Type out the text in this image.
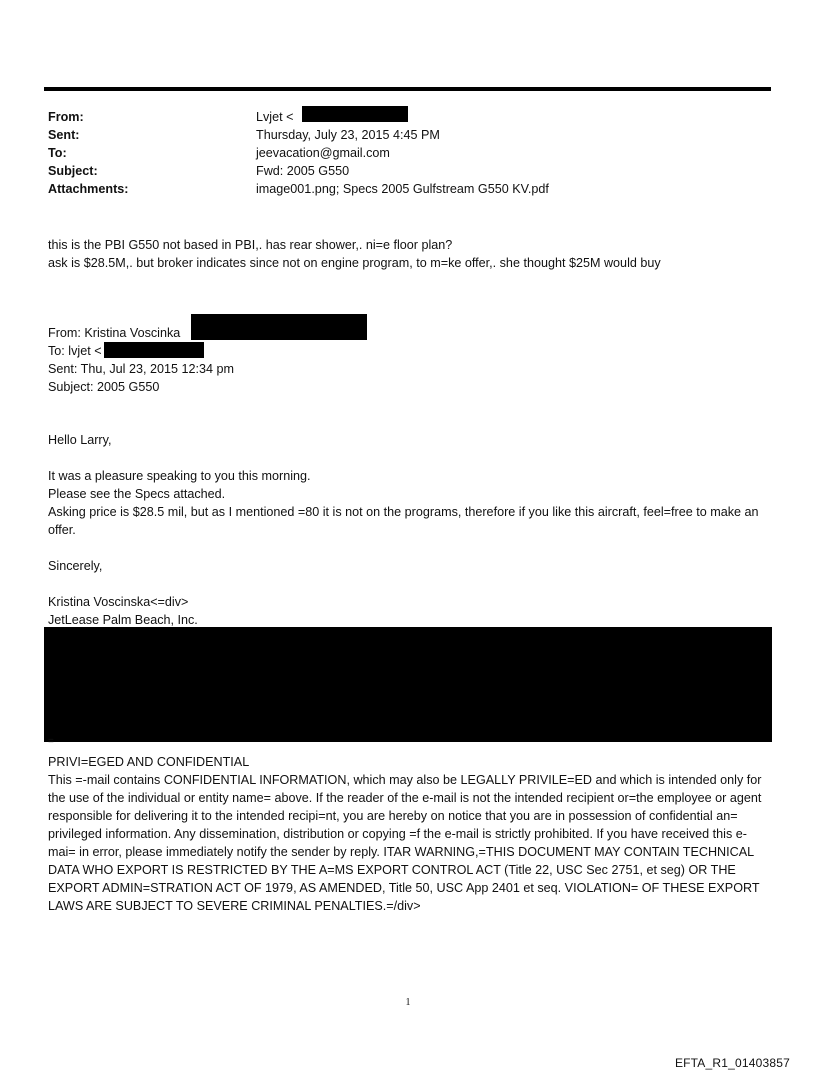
From:	Lvjet <
Sent:	Thursday, July 23, 2015 4:45 PM
To:	jeevacation@gmail.com
Subject:	Fwd: 2005 G550
Attachments:	image001.png; Specs 2005 Gulfstream G550 KV.pdf
this is the PBI G550 not based in PBI,. has rear shower,. ni=e floor plan?
ask is $28.5M,. but broker indicates since not on engine program, to m=ke offer,. she thought $25M would buy
From: Kristina Voscinka
To: lvjet <
Sent: Thu, Jul 23, 2015 12:34 pm
Subject: 2005 G550
Hello Larry,
It was a pleasure speaking to you this morning.
Please see the Specs attached.
Asking price is $28.5 mil, but as I mentioned =80 it is not on the programs, therefore if you like this aircraft, feel=free to make an offer.
Sincerely,
Kristina Voscinska<=div>
JetLease Palm Beach, Inc.
=
PRIVI=EGED AND CONFIDENTIAL
This =-mail contains CONFIDENTIAL INFORMATION, which may also be LEGALLY PRIVILE=ED and which is intended only for the use of the individual or entity name= above. If the reader of the e-mail is not the intended recipient or=the employee or agent responsible for delivering it to the intended recipi=nt, you are hereby on notice that you are in possession of confidential an= privileged information. Any dissemination, distribution or copying =f the e-mail is strictly prohibited. If you have received this e-mai= in error, please immediately notify the sender by reply. ITAR WARNING,=THIS DOCUMENT MAY CONTAIN TECHNICAL DATA WHO EXPORT IS RESTRICTED BY THE A=MS EXPORT CONTROL ACT (Title 22, USC Sec 2751, et seg) OR THE EXPORT ADMIN=STRATION ACT OF 1979, AS AMENDED, Title 50, USC App 2401 et seq. VIOLATION= OF THESE EXPORT LAWS ARE SUBJECT TO SEVERE CRIMINAL PENALTIES.=/div>
1
EFTA_R1_01403857
